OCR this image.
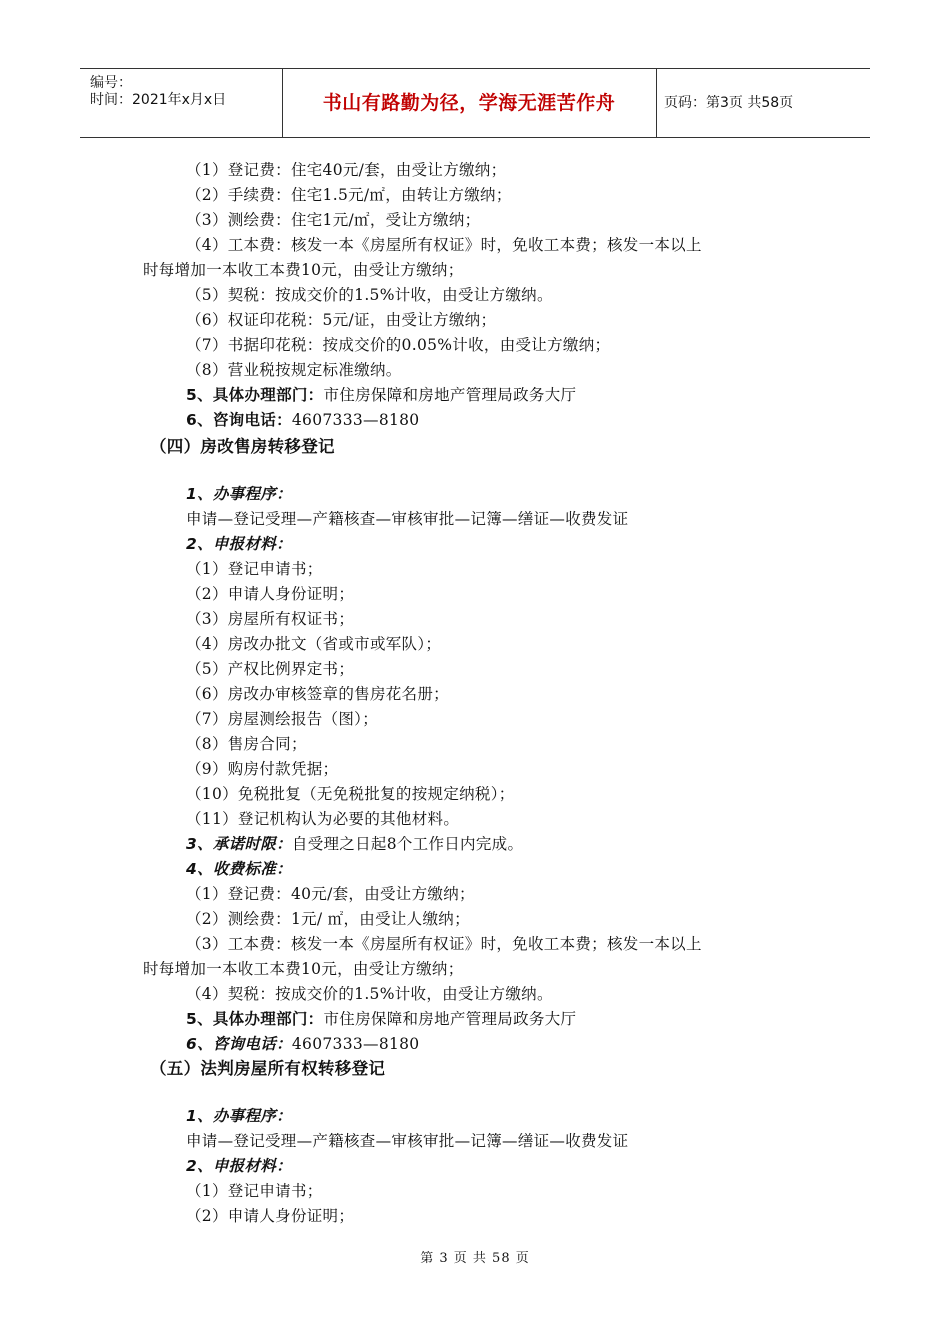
编号：
时间：2021年x月x日	书山有路勤为径，学海无涯苦作舟	页码：第3页 共58页
（1）登记费：住宅40元/套，由受让方缴纳；
（2）手续费：住宅1.5元/㎡，由转让方缴纳；
（3）测绘费：住宅1元/㎡，受让方缴纳；
（4）工本费：核发一本《房屋所有权证》时，免收工本费；核发一本以上
时每增加一本收工本费10元，由受让方缴纳；
（5）契税：按成交价的1.5%计收，由受让方缴纳。
（6）权证印花税：5元/证，由受让方缴纳；
（7）书据印花税：按成交价的0.05%计收，由受让方缴纳；
（8）营业税按规定标准缴纳。
5、具体办理部门：市住房保障和房地产管理局政务大厅
6、咨询电话：4607333—8180
（四）房改售房转移登记
1、办事程序：
申请—登记受理—产籍核查—审核审批—记簿—缮证—收费发证
2、申报材料：
（1）登记申请书；
（2）申请人身份证明；
（3）房屋所有权证书；
（4）房改办批文（省或市或军队）；
（5）产权比例界定书；
（6）房改办审核签章的售房花名册；
（7）房屋测绘报告（图）；
（8）售房合同；
（9）购房付款凭据；
（10）免税批复（无免税批复的按规定纳税）；
（11）登记机构认为必要的其他材料。
3、承诺时限：自受理之日起8个工作日内完成。
4、收费标准：
（1）登记费：40元/套，由受让方缴纳；
（2）测绘费：1元/ ㎡，由受让人缴纳；
（3）工本费：核发一本《房屋所有权证》时，免收工本费；核发一本以上
时每增加一本收工本费10元，由受让方缴纳；
（4）契税：按成交价的1.5%计收，由受让方缴纳。
5、具体办理部门：市住房保障和房地产管理局政务大厅
6、咨询电话：4607333—8180
（五）法判房屋所有权转移登记
1、办事程序：
申请—登记受理—产籍核查—审核审批—记簿—缮证—收费发证
2、申报材料：
（1）登记申请书；
（2）申请人身份证明；
第 3 页 共 58 页
